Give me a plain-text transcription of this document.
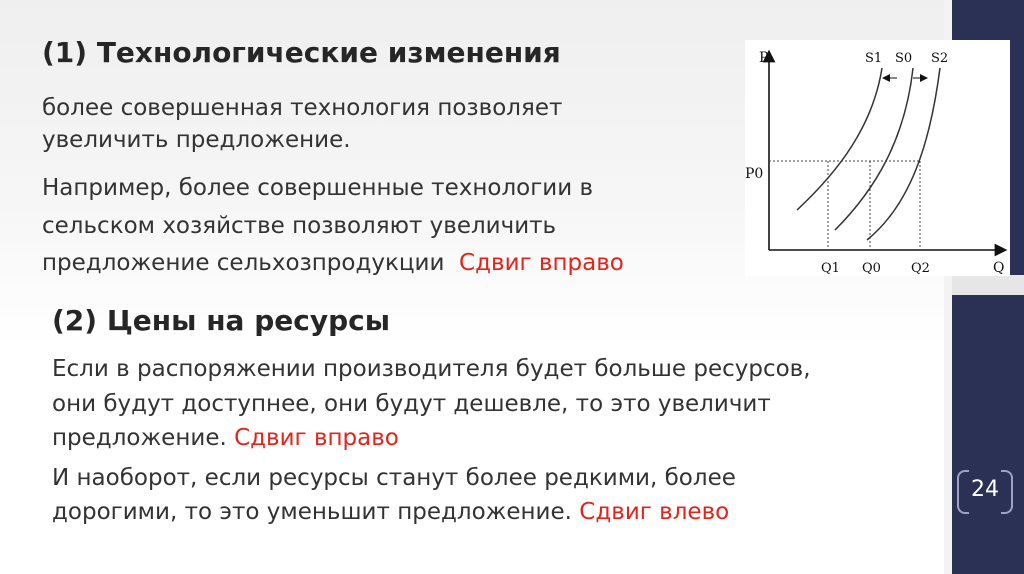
24

(1) Технологические изменения

более совершенная технология позволяет

увеличить предложение.

Например, более совершенные технологии в

сельском хозяйстве позволяют увеличить

предложение сельхозпродукции Сдвиг вправо

(2) Цены на ресурсы

Если в распоряжении производителя будет больше ресурсов,

они будут доступнее, они будут дешевле, то это увеличит

предложение. Сдвиг вправо

И наоборот, если ресурсы станут более редкими, более

дорогими, то это уменьшит предложение. Сдвиг влево

P
Q
P0
S1 S0 S2
Q1 Q0 Q2
